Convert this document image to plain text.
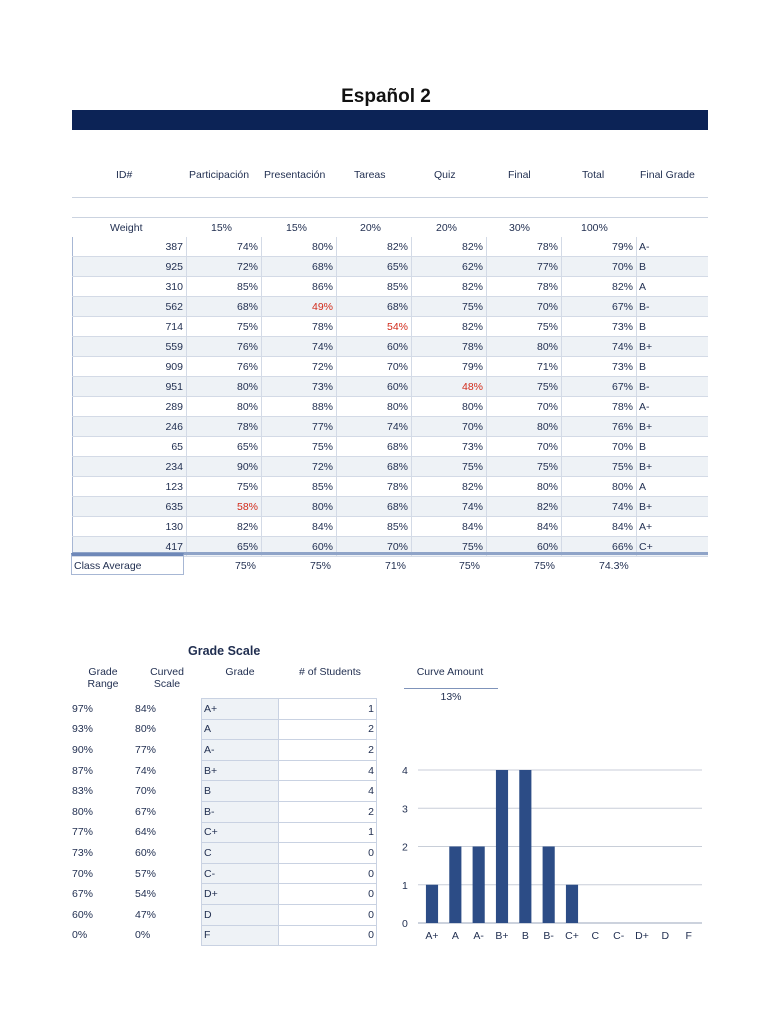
Español 2
ID#	Participación Presentación	Tareas	Quiz	Final	Total	Final Grade
Weight	15%	15%	20%	20%	30%	100%
387	74%	80%	82%	82%	78%	79%	A-
925	72%	68%	65%	62%	77%	70%	B
310	85%	86%	85%	82%	78%	82%	A
562	68%	49%	68%	75%	70%	67%	B-
714	75%	78%	54%	82%	75%	73%	B
559	76%	74%	60%	78%	80%	74%	B+
909	76%	72%	70%	79%	71%	73%	B
951	80%	73%	60%	48%	75%	67%	B-
289	80%	88%	80%	80%	70%	78%	A-
246	78%	77%	74%	70%	80%	76%	B+
65	65%	75%	68%	73%	70%	70%	B
234	90%	72%	68%	75%	75%	75%	B+
123	75%	85%	78%	82%	80%	80%	A
635	58%	80%	68%	74%	82%	74%	B+
130	82%	84%	85%	84%	84%	84%	A+
417	65%	60%	70%	75%	60%	66%	C+
Class Average	75%	75%	71%	75%	75%	74.3%
Grade Scale
Grade Range
Curved Scale
Grade	# of Students
97%	84%	A+	1
93%	80%	A	2
90%	77%	A-	2
87%	74%	B+	4
83%	70%	B	4
80%	67%	B-	2
77%	64%	C+	1
73%	60%	C	0
70%	57%	C-	0
67%	54%	D+	0
60%	47%	D	0
0%	0%	F	0
Curve Amount
13%
0
1
2
3
4
A+ A A- B+ B B- C+ C C- D+ D F
